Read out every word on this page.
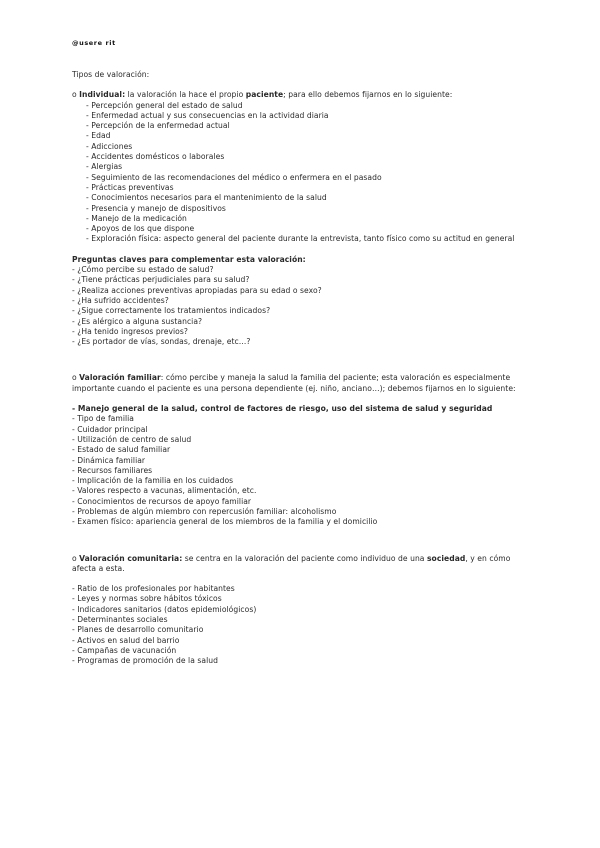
@usere rit
Tipos de valoración:
o Individual: la valoración la hace el propio paciente; para ello debemos fijarnos en lo siguiente:
- Percepción general del estado de salud
- Enfermedad actual y sus consecuencias en la actividad diaria
- Percepción de la enfermedad actual
- Edad
- Adicciones
- Accidentes domésticos o laborales
- Alergias
- Seguimiento de las recomendaciones del médico o enfermera en el pasado
- Prácticas preventivas
- Conocimientos necesarios para el mantenimiento de la salud
- Presencia y manejo de dispositivos
- Manejo de la medicación
- Apoyos de los que dispone
- Exploración física: aspecto general del paciente durante la entrevista, tanto físico como su actitud en general
Preguntas claves para complementar esta valoración:
- ¿Cómo percibe su estado de salud?
- ¿Tiene prácticas perjudiciales para su salud?
- ¿Realiza acciones preventivas apropiadas para su edad o sexo?
- ¿Ha sufrido accidentes?
- ¿Sigue correctamente los tratamientos indicados?
- ¿Es alérgico a alguna sustancia?
- ¿Ha tenido ingresos previos?
- ¿Es portador de vías, sondas, drenaje, etc…?
o Valoración familiar: cómo percibe y maneja la salud la familia del paciente; esta valoración es especialmente importante cuando el paciente es una persona dependiente (ej. niño, anciano…); debemos fijarnos en lo siguiente:
- Manejo general de la salud, control de factores de riesgo, uso del sistema de salud y seguridad
- Tipo de familia
- Cuidador principal
- Utilización de centro de salud
- Estado de salud familiar
- Dinámica familiar
- Recursos familiares
- Implicación de la familia en los cuidados
- Valores respecto a vacunas, alimentación, etc.
- Conocimientos de recursos de apoyo familiar
- Problemas de algún miembro con repercusión familiar: alcoholismo
- Examen físico: apariencia general de los miembros de la familia y el domicilio
o Valoración comunitaria: se centra en la valoración del paciente como individuo de una sociedad, y en cómo afecta a esta.
- Ratio de los profesionales por habitantes
- Leyes y normas sobre hábitos tóxicos
- Indicadores sanitarios (datos epidemiológicos)
- Determinantes sociales
- Planes de desarrollo comunitario
- Activos en salud del barrio
- Campañas de vacunación
- Programas de promoción de la salud
